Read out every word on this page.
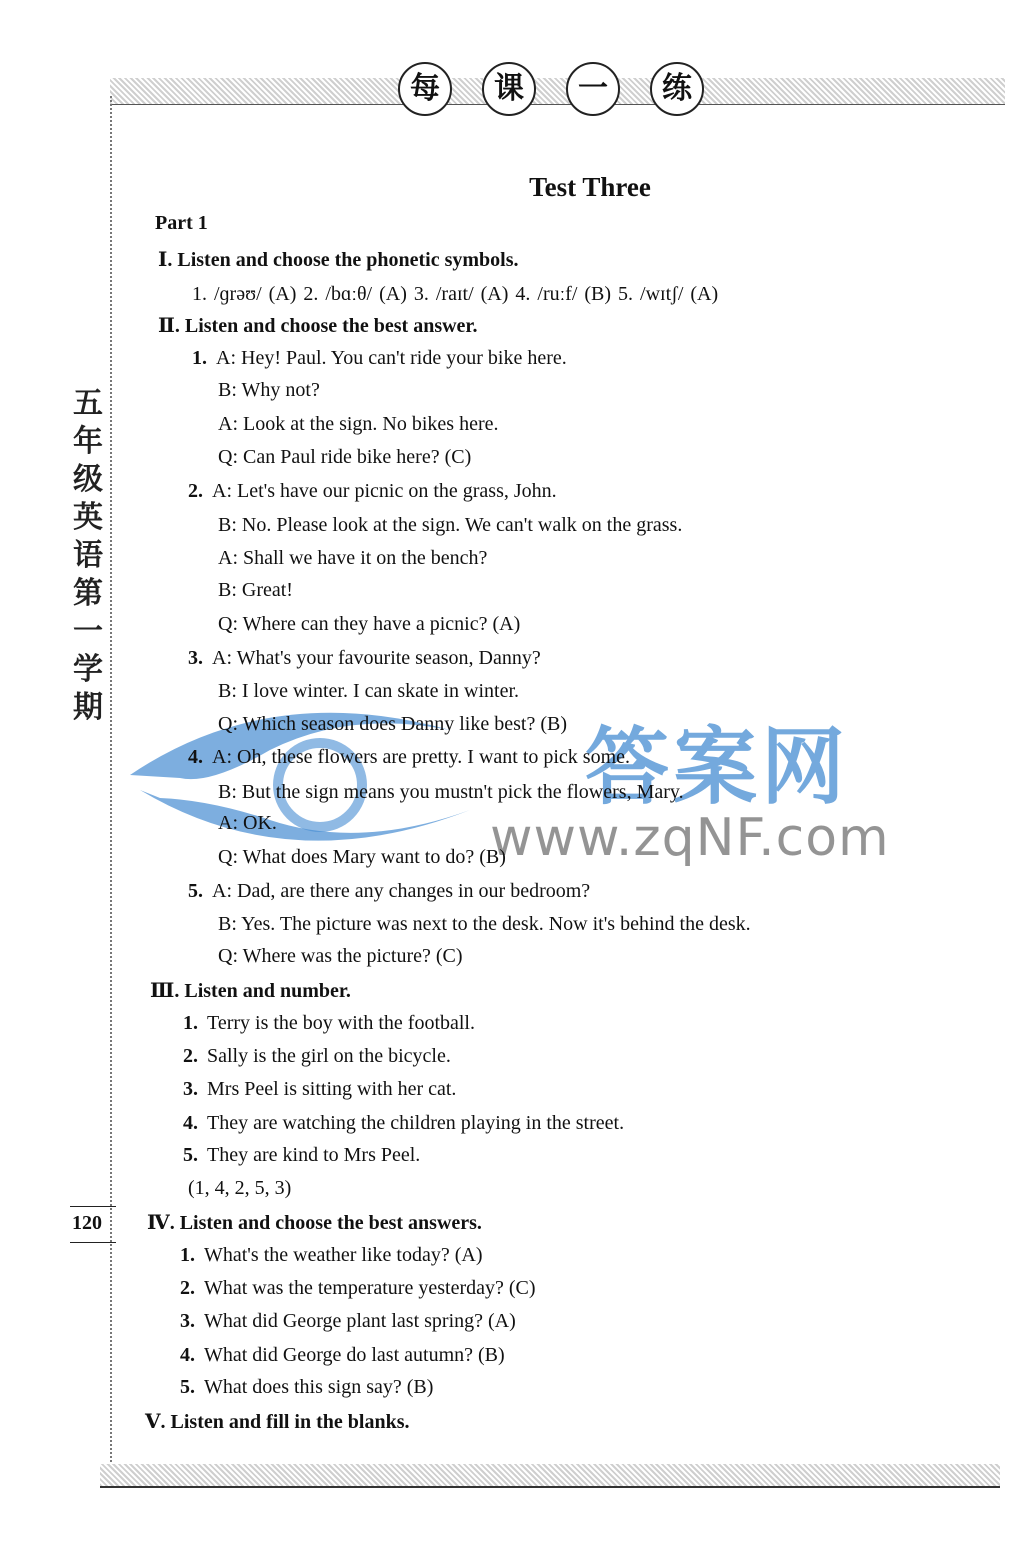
每	课	一	练
五年级英语第一学期
120
答案网
www.zqNF.com
Test Three
Part 1
Ⅰ. Listen and choose the phonetic symbols.
1. /ɡrəʊ/ (A) 2. /bɑːθ/ (A) 3. /raɪt/ (A) 4. /ruːf/ (B) 5. /wɪtʃ/ (A)
Ⅱ. Listen and choose the best answer.
1. A: Hey! Paul. You can't ride your bike here.
B: Why not?
A: Look at the sign. No bikes here.
Q: Can Paul ride bike here? (C)
2. A: Let's have our picnic on the grass, John.
B: No. Please look at the sign. We can't walk on the grass.
A: Shall we have it on the bench?
B: Great!
Q: Where can they have a picnic? (A)
3. A: What's your favourite season, Danny?
B: I love winter. I can skate in winter.
Q: Which season does Danny like best? (B)
4. A: Oh, these flowers are pretty. I want to pick some.
B: But the sign means you mustn't pick the flowers, Mary.
A: OK.
Q: What does Mary want to do? (B)
5. A: Dad, are there any changes in our bedroom?
B: Yes. The picture was next to the desk. Now it's behind the desk.
Q: Where was the picture? (C)
Ⅲ. Listen and number.
1. Terry is the boy with the football.
2. Sally is the girl on the bicycle.
3. Mrs Peel is sitting with her cat.
4. They are watching the children playing in the street.
5. They are kind to Mrs Peel.
(1, 4, 2, 5, 3)
Ⅳ. Listen and choose the best answers.
1. What's the weather like today? (A)
2. What was the temperature yesterday? (C)
3. What did George plant last spring? (A)
4. What did George do last autumn? (B)
5. What does this sign say? (B)
Ⅴ. Listen and fill in the blanks.
